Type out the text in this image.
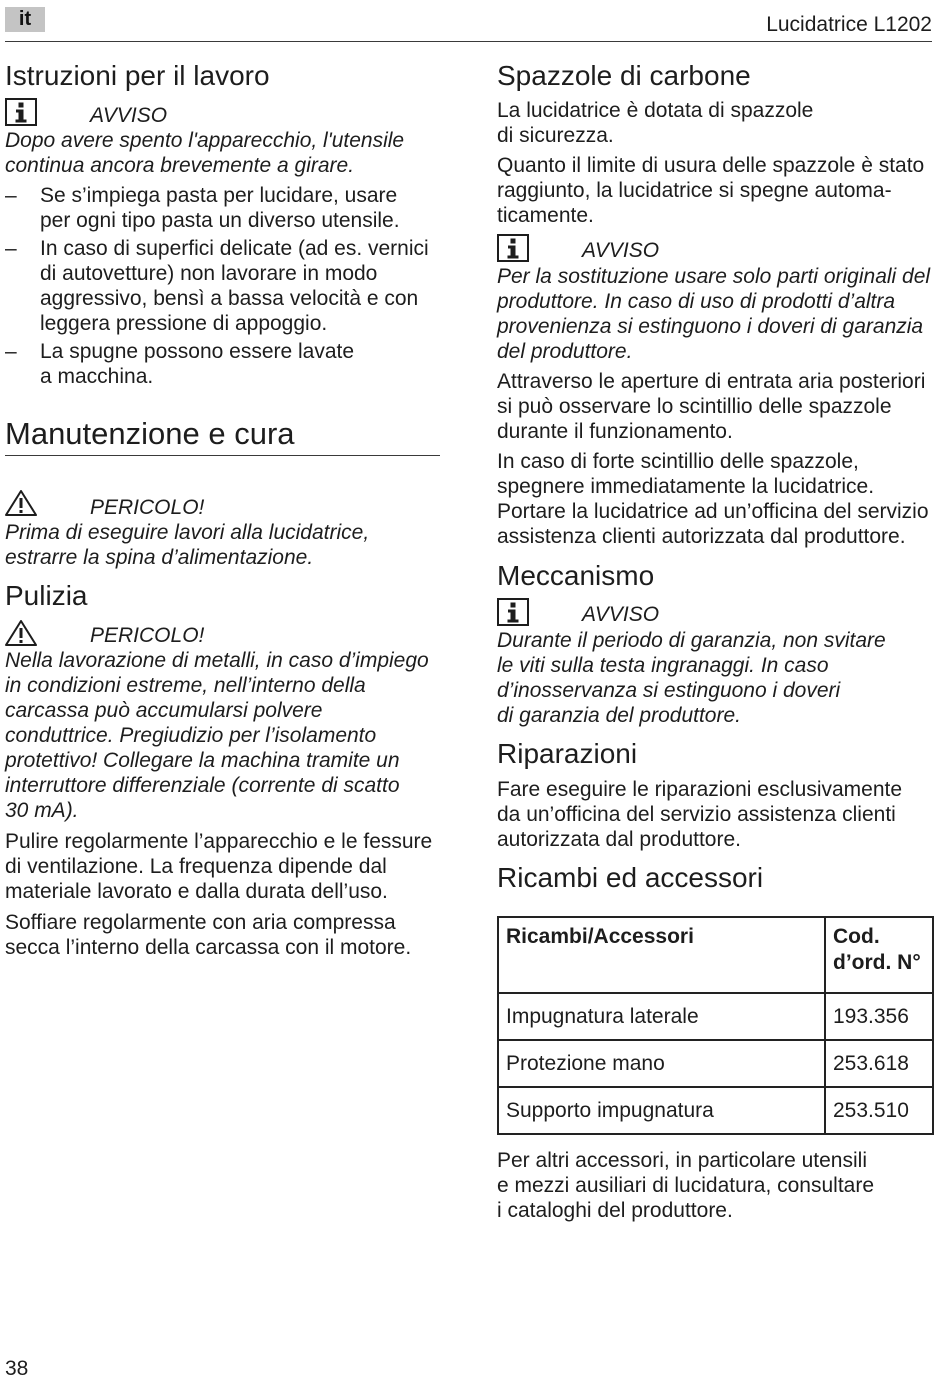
it	Lucidatrice L1202
Istruzioni per il lavoro
AVVISO
Dopo avere spento l'apparecchio, l'utensile
continua ancora brevemente a girare.
– Se s’impiega pasta per lucidare, usare
per ogni tipo pasta un diverso utensile.
– In caso di superfici delicate (ad es. vernici
di autovetture) non lavorare in modo
aggressivo, bensì a bassa velocità e con
leggera pressione di appoggio.
– La spugne possono essere lavate
a macchina.
Manutenzione e cura
PERICOLO!
Prima di eseguire lavori alla lucidatrice,
estrarre la spina d’alimentazione.
Pulizia
PERICOLO!
Nella lavorazione di metalli, in caso d’impiego
in condizioni estreme, nell’interno della
carcassa può accumularsi polvere
conduttrice. Pregiudizio per l’isolamento
protettivo! Collegare la machina tramite un
interruttore differenziale (corrente di scatto
30 mA).
Pulire regolarmente l’apparecchio e le fessure
di ventilazione. La frequenza dipende dal
materiale lavorato e dalla durata dell’uso.
Soffiare regolarmente con aria compressa
secca l’interno della carcassa con il motore.
Spazzole di carbone
La lucidatrice è dotata di spazzole
di sicurezza.
Quanto il limite di usura delle spazzole è stato
raggiunto, la lucidatrice si spegne automa-
ticamente.
AVVISO
Per la sostituzione usare solo parti originali del
produttore. In caso di uso di prodotti d’altra
provenienza si estinguono i doveri di garanzia
del produttore.
Attraverso le aperture di entrata aria posteriori
si può osservare lo scintillio delle spazzole
durante il funzionamento.
In caso di forte scintillio delle spazzole,
spegnere immediatamente la lucidatrice.
Portare la lucidatrice ad un’officina del servizio
assistenza clienti autorizzata dal produttore.
Meccanismo
AVVISO
Durante il periodo di garanzia, non svitare
le viti sulla testa ingranaggi. In caso
d’inosservanza si estinguono i doveri
di garanzia del produttore.
Riparazioni
Fare eseguire le riparazioni esclusivamente
da un’officina del servizio assistenza clienti
autorizzata dal produttore.
Ricambi ed accessori
Ricambi/Accessori	Cod.
d’ord. N°

Impugnatura laterale	193.356
Protezione mano	253.618
Supporto impugnatura	253.510
Per altri accessori, in particolare utensili
e mezzi ausiliari di lucidatura, consultare
i cataloghi del produttore.
38
